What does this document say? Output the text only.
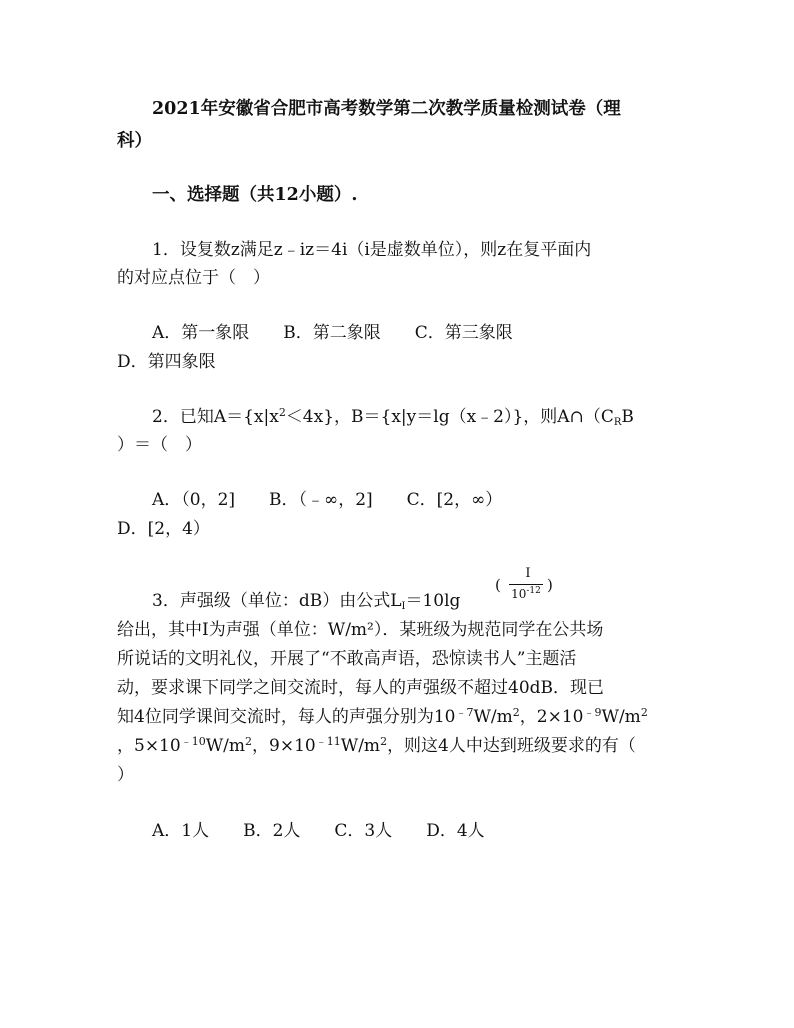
2021年安徽省合肥市高考数学第二次教学质量检测试卷（理
科）
一、选择题（共12小题）.
1．设复数z满足z﹣iz＝4i（i是虚数单位），则z在复平面内
的对应点位于（　）
A．第一象限　　B．第二象限　　C．第三象限
D．第四象限
2．已知$A=\{x|x^2<4x\}$，B＝{x|y＝lg（x﹣2）}，则$A\cap(C_RB$
）＝（　）
A．（0，2]　　B．（﹣∞，2]　　C．[2，∞）
D．[2，4）
3．声强级（单位：dB）由公式$L_I=10\lg$
(
I
$10^{-12}$ )
给出，其中I为声强（单位：W/m²）．某班级为规范同学在公共场
所说话的文明礼仪，开展了“不敢高声语，恐惊读书人”主题活
动，要求课下同学之间交流时，每人的声强级不超过40dB．现已
知4位同学课间交流时，每人的声强分别为$10^{﹣7}W/m^2$，$2\times 10^{﹣9}W/m^2$
，$5\times 10^{﹣10}W/m^2$，$9\times 10^{﹣11}W/m^2$，则这4人中达到班级要求的有（
）
A．1人　　B．2人　　C．3人　　D．4人
